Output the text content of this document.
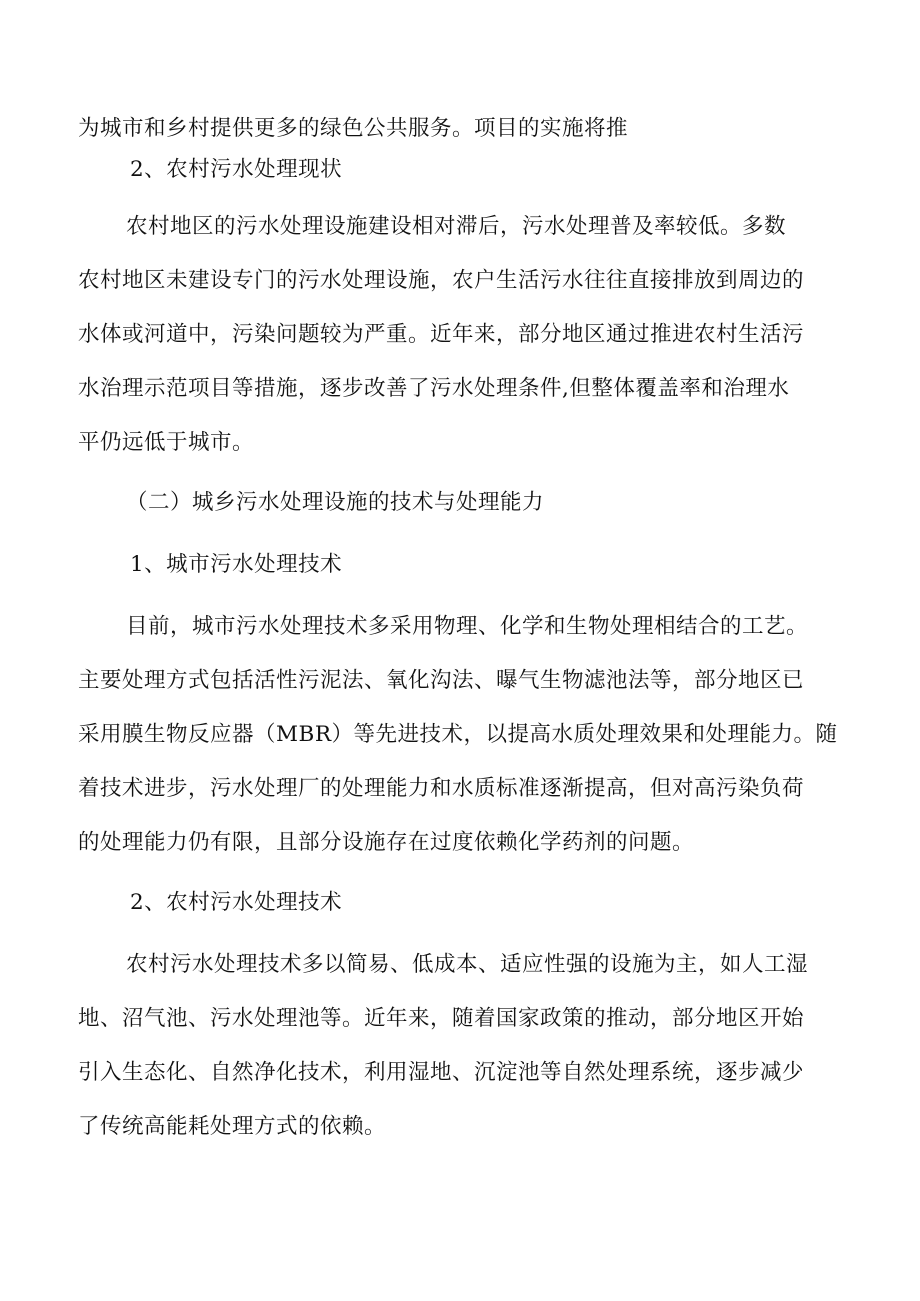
为城市和乡村提供更多的绿色公共服务。项目的实施将推
2、农村污水处理现状
农村地区的污水处理设施建设相对滞后，污水处理普及率较低。多数
农村地区未建设专门的污水处理设施，农户生活污水往往直接排放到周边的
水体或河道中，污染问题较为严重。近年来，部分地区通过推进农村生活污
水治理示范项目等措施，逐步改善了污水处理条件,但整体覆盖率和治理水
平仍远低于城市。
（二）城乡污水处理设施的技术与处理能力
1、城市污水处理技术
目前，城市污水处理技术多采用物理、化学和生物处理相结合的工艺。
主要处理方式包括活性污泥法、氧化沟法、曝气生物滤池法等，部分地区已
采用膜生物反应器（MBR）等先进技术，以提高水质处理效果和处理能力。随
着技术进步，污水处理厂的处理能力和水质标准逐渐提高，但对高污染负荷
的处理能力仍有限，且部分设施存在过度依赖化学药剂的问题。
2、农村污水处理技术
农村污水处理技术多以简易、低成本、适应性强的设施为主，如人工湿
地、沼气池、污水处理池等。近年来，随着国家政策的推动，部分地区开始
引入生态化、自然净化技术，利用湿地、沉淀池等自然处理系统，逐步减少
了传统高能耗处理方式的依赖。
